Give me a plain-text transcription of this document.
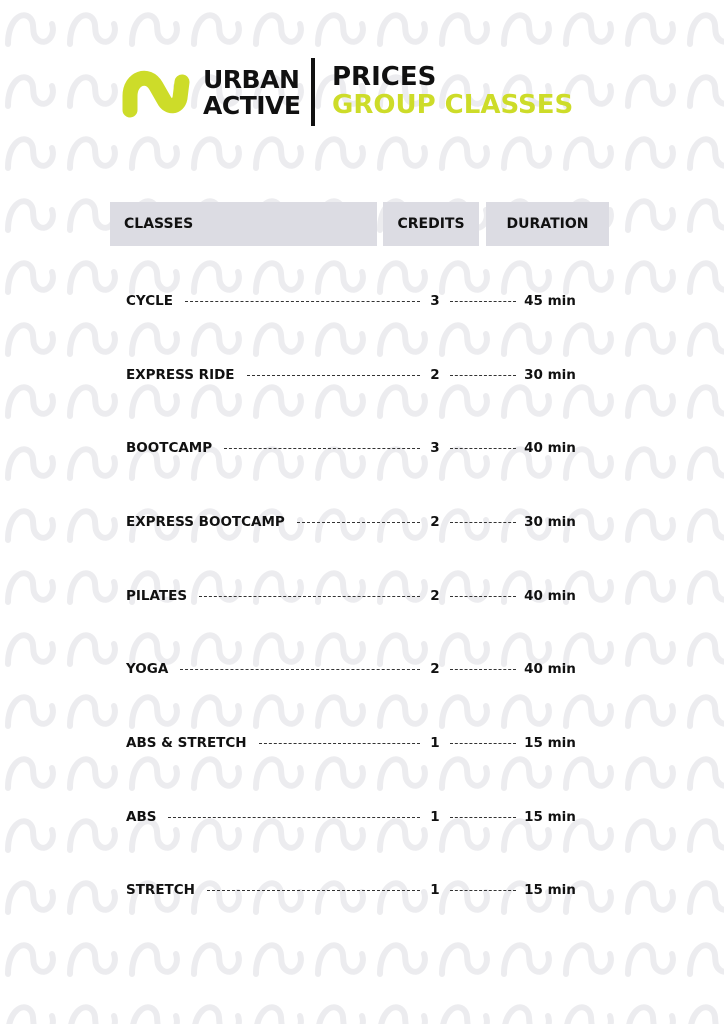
URBAN
ACTIVE
PRICES
GROUP CLASSES
CLASSES	CREDITS	DURATION
CYCLE	3	45 min
EXPRESS RIDE	2	30 min
BOOTCAMP	3	40 min
EXPRESS BOOTCAMP	2	30 min
PILATES	2	40 min
YOGA	2	40 min
ABS & STRETCH	1	15 min
ABS	1	15 min
STRETCH	1	15 min
